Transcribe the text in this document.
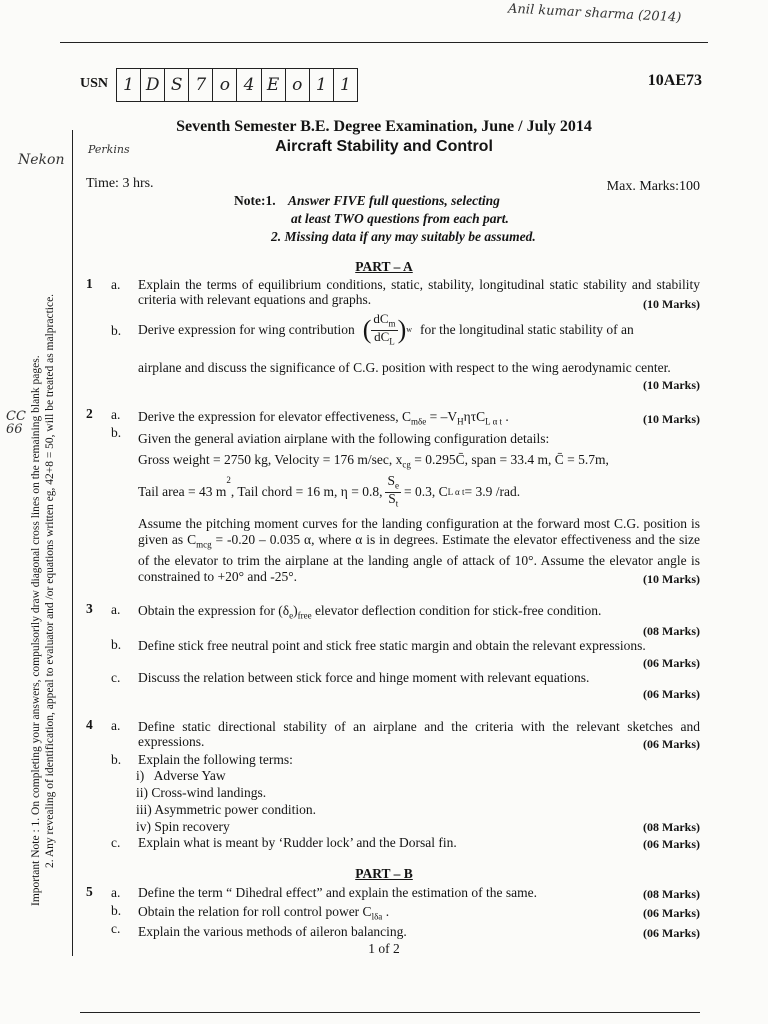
Anil kumar sharma (2014)
Nekon
Perkins
CC 66
USN 1 D S 7 o 4 E o 1 1	10AE73
Seventh Semester B.E. Degree Examination, June / July 2014
Aircraft Stability and Control
Time: 3 hrs.	Max. Marks:100
Note:1. Answer FIVE full questions, selecting
at least TWO questions from each part.
2. Missing data if any may suitably be assumed.
Important Note : 1. On completing your answers, compulsorily draw diagonal cross lines on the remaining blank pages. 2. Any revealing of identification, appeal to evaluator and /or equations written eg, 42+8 = 50, will be treated as malpractice.
PART – A
1 a. Explain the terms of equilibrium conditions, static, stability, longitudinal static stability and stability criteria with relevant equations and graphs.	(10 Marks)
b. Derive expression for wing contribution ( $\frac{dC_m}{dC_L}$ ) w for the longitudinal static stability of an
airplane and discuss the significance of C.G. position with respect to the wing aerodynamic center.
(10 Marks)
2 a. Derive the expression for elevator effectiveness, $C_{m\delta e} = -V_H\eta\tau C_{L \alpha t}$ .	(10 Marks)
b. Given the general aviation airplane with the following configuration details:
Gross weight = 2750 kg, Velocity = 176 m/sec, $x_{cg}$ = 0.295C̄, span = 33.4 m, C̄ = 5.7m,
Tail area = 43 m
$^2$
, Tail chord = 16 m, η = 0.8, $\frac{S_e}{S_t} = 0.3$, C L α t = 3.9 /rad.
Assume the pitching moment curves for the landing configuration at the forward most C.G. position is given as $C_{mcg} = -0.20 - 0.035$ α, where α is in degrees. Estimate the elevator effectiveness and the size of the elevator to trim the airplane at the landing angle of attack of 10°. Assume the elevator angle is constrained to +20° and -25°.	(10 Marks)
3 a. Obtain the expression for $(\delta_e)_{free}$ elevator deflection condition for stick-free condition.
(08 Marks)
b. Define stick free neutral point and stick free static margin and obtain the relevant expressions.
(06 Marks)
c. Discuss the relation between stick force and hinge moment with relevant equations.
(06 Marks)
4 a. Define static directional stability of an airplane and the criteria with the relevant sketches and expressions.	(06 Marks)
b. Explain the following terms:
i)   Adverse Yaw
ii) Cross-wind landings.
iii) Asymmetric power condition.
iv) Spin recovery	(08 Marks)
c. Explain what is meant by ‘Rudder lock’ and the Dorsal fin.	(06 Marks)
PART – B
5 a. Define the term “ Dihedral effect” and explain the estimation of the same.	(08 Marks)
b. Obtain the relation for roll control power $C_{l\delta a}$ .	(06 Marks)
c. Explain the various methods of aileron balancing.	(06 Marks)
1 of 2
